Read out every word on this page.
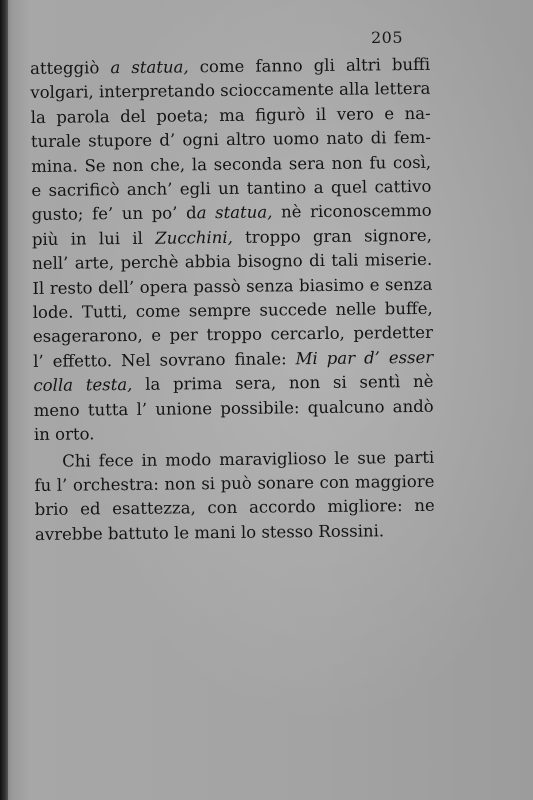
205
atteggiò a statua, come fanno gli altri buffi
volgari, interpretando scioccamente alla lettera
la parola del poeta; ma figurò il vero e na-
turale stupore d’ ogni altro uomo nato di fem-
mina. Se non che, la seconda sera non fu così,
e sacrificò anch’ egli un tantino a quel cattivo
gusto; fe’ un po’ da statua, nè riconoscemmo
più in lui il Zucchini, troppo gran signore,
nell’ arte, perchè abbia bisogno di tali miserie.
Il resto dell’ opera passò senza biasimo e senza
lode. Tutti, come sempre succede nelle buffe,
esagerarono, e per troppo cercarlo, perdetter
l’ effetto. Nel sovrano finale: Mi par d’ esser
colla testa, la prima sera, non si sentì nè
meno tutta l’ unione possibile: qualcuno andò
in orto.
Chi fece in modo maraviglioso le sue parti
fu l’ orchestra: non si può sonare con maggiore
brio ed esattezza, con accordo migliore: ne
avrebbe battuto le mani lo stesso Rossini.
